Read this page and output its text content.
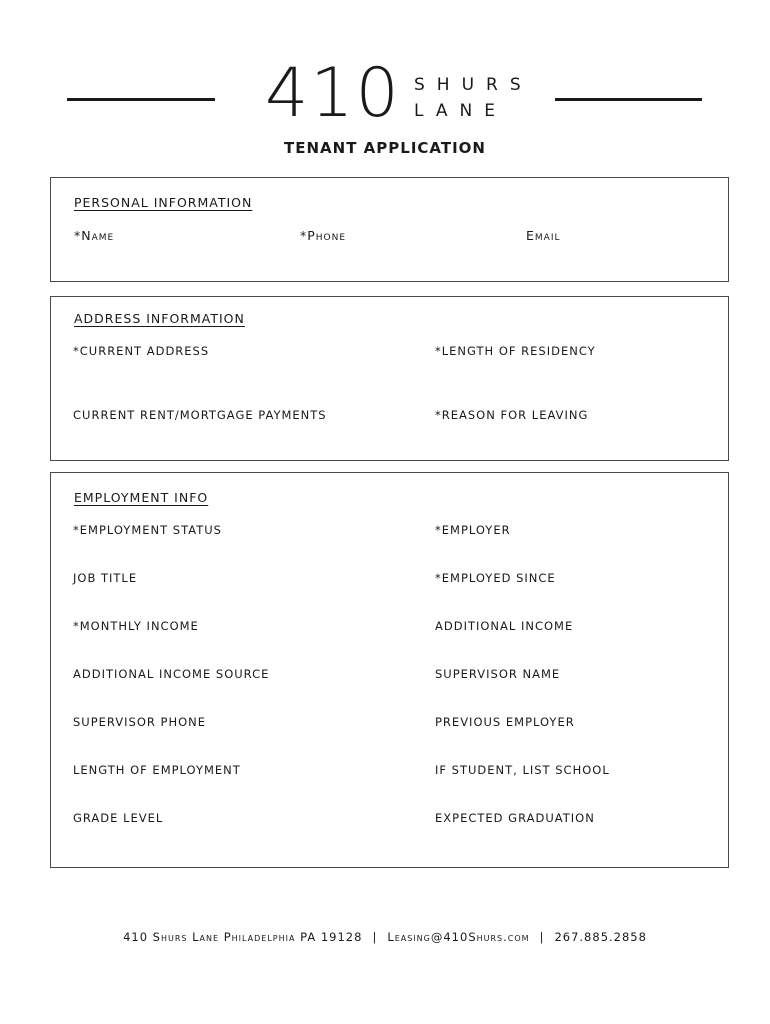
410 SHURS
LANE
TENANT APPLICATION
PERSONAL INFORMATION
*Name	*Phone	Email
ADDRESS INFORMATION
*CURRENT ADDRESS	*LENGTH OF RESIDENCY
CURRENT RENT/MORTGAGE PAYMENTS	*REASON FOR LEAVING
EMPLOYMENT INFO
*EMPLOYMENT STATUS	*EMPLOYER
JOB TITLE	*EMPLOYED SINCE
*MONTHLY INCOME	ADDITIONAL INCOME
ADDITIONAL INCOME SOURCE	SUPERVISOR NAME
SUPERVISOR PHONE	PREVIOUS EMPLOYER
LENGTH OF EMPLOYMENT	IF STUDENT, LIST SCHOOL
GRADE LEVEL	EXPECTED GRADUATION
410 Shurs Lane Philadelphia PA 19128 | Leasing@410Shurs.com | 267.885.2858
